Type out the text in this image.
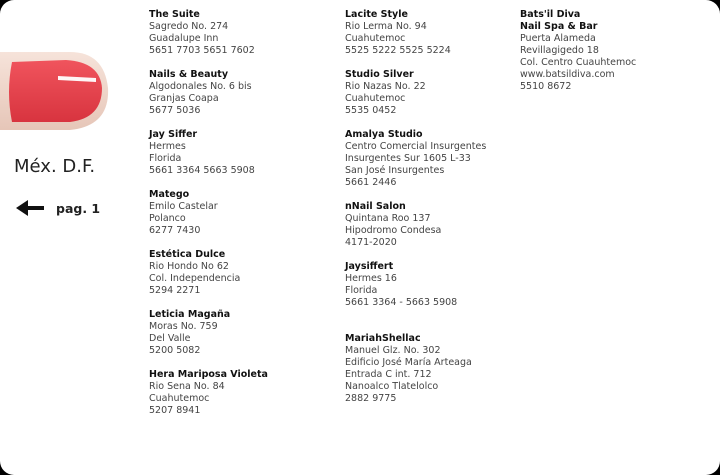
Méx. D.F.
pag. 1
The Suite
Sagredo No. 274
Guadalupe Inn
5651 7703 5651 7602
Nails & Beauty
Algodonales No. 6 bis
Granjas Coapa
5677 5036
Jay Siffer
Hermes
Florida
5661 3364 5663 5908
Matego
Emilo Castelar
Polanco
6277 7430
Estética Dulce
Rio Hondo No 62
Col. Independencia
5294 2271
Leticia Magaña
Moras No. 759
Del Valle
5200 5082
Hera Mariposa Violeta
Rio Sena No. 84
Cuahutemoc
5207 8941
Lacite Style
Rio Lerma No. 94
Cuahutemoc
5525 5222 5525 5224
Studio Silver
Rio Nazas No. 22
Cuahutemoc
5535 0452
Amalya Studio
Centro Comercial Insurgentes
Insurgentes Sur 1605 L-33
San José Insurgentes
5661 2446
nNail Salon
Quintana Roo 137
Hipodromo Condesa
4171-2020
Jaysiffert
Hermes 16
Florida
5661 3364 - 5663 5908
MariahShellac
Manuel Glz. No. 302
Edificio José María Arteaga
Entrada C int. 712
Nanoalco Tlatelolco
2882 9775
Bats'il Diva
Nail Spa & Bar
Puerta Alameda
Revillagigedo 18
Col. Centro Cuauhtemoc
www.batsildiva.com
5510 8672
